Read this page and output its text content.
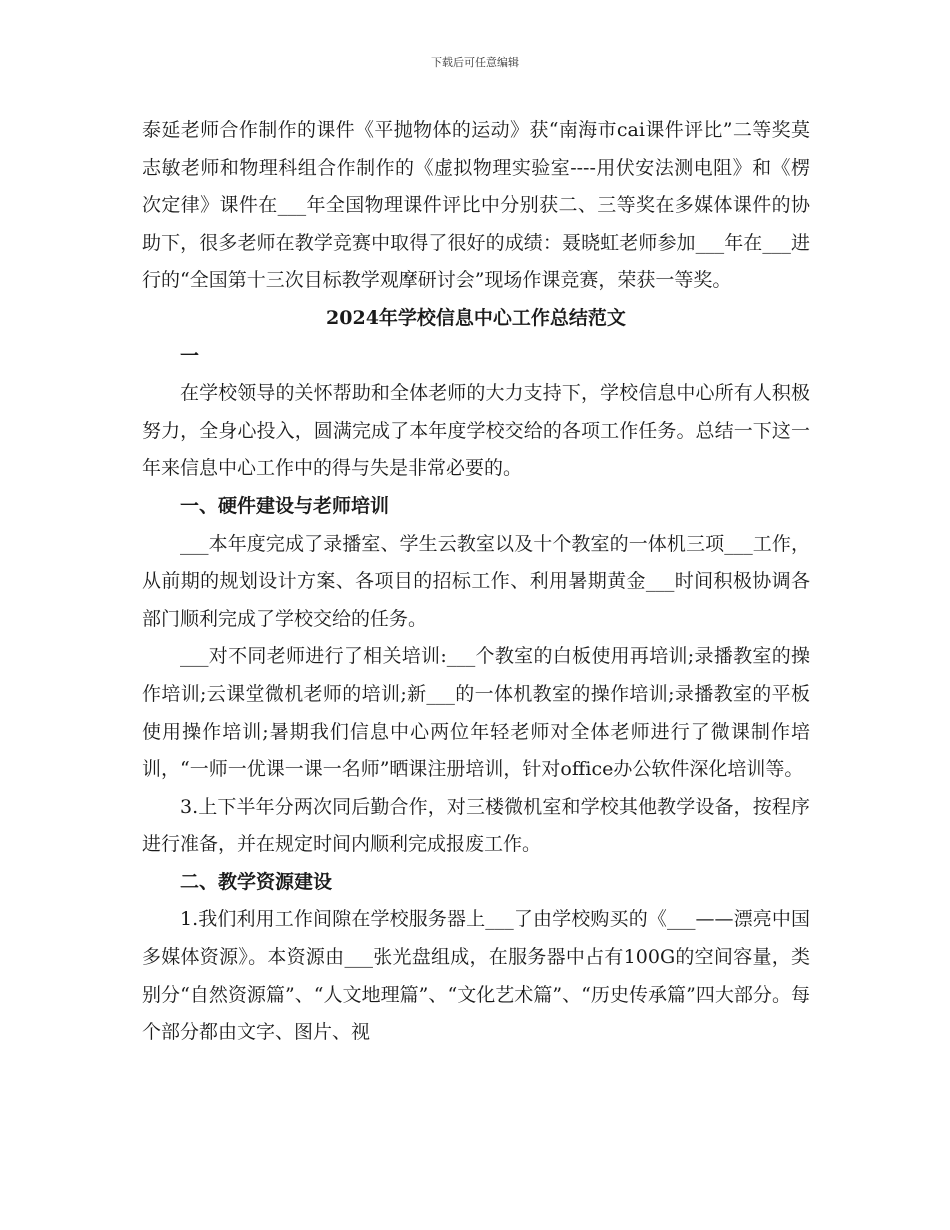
下载后可任意编辑

泰延老师合作制作的课件《平抛物体的运动》获“南海市cai课件评比”二等奖莫志敏老师和物理科组合作制作的《虚拟物理实验室----用伏安法测电阻》和《楞次定律》课件在___年全国物理课件评比中分别获二、三等奖在多媒体课件的协助下，很多老师在教学竞赛中取得了很好的成绩：聂晓虹老师参加___年在___进行的“全国第十三次目标教学观摩研讨会”现场作课竞赛，荣获一等奖。

2024年学校信息中心工作总结范文

一

在学校领导的关怀帮助和全体老师的大力支持下，学校信息中心所有人积极努力，全身心投入，圆满完成了本年度学校交给的各项工作任务。总结一下这一年来信息中心工作中的得与失是非常必要的。

一、硬件建设与老师培训

___本年度完成了录播室、学生云教室以及十个教室的一体机三项___工作，从前期的规划设计方案、各项目的招标工作、利用暑期黄金___时间积极协调各部门顺利完成了学校交给的任务。

___对不同老师进行了相关培训:___个教室的白板使用再培训;录播教室的操作培训;云课堂微机老师的培训;新___的一体机教室的操作培训;录播教室的平板使用操作培训;暑期我们信息中心两位年轻老师对全体老师进行了微课制作培训，“一师一优课一课一名师”晒课注册培训，针对office办公软件深化培训等。

3.上下半年分两次同后勤合作，对三楼微机室和学校其他教学设备，按程序进行准备，并在规定时间内顺利完成报废工作。

二、教学资源建设

1.我们利用工作间隙在学校服务器上___了由学校购买的《___——漂亮中国多媒体资源》。本资源由___张光盘组成，在服务器中占有100G的空间容量，类别分“自然资源篇”、“人文地理篇”、“文化艺术篇”、“历史传承篇”四大部分。每个部分都由文字、图片、视
